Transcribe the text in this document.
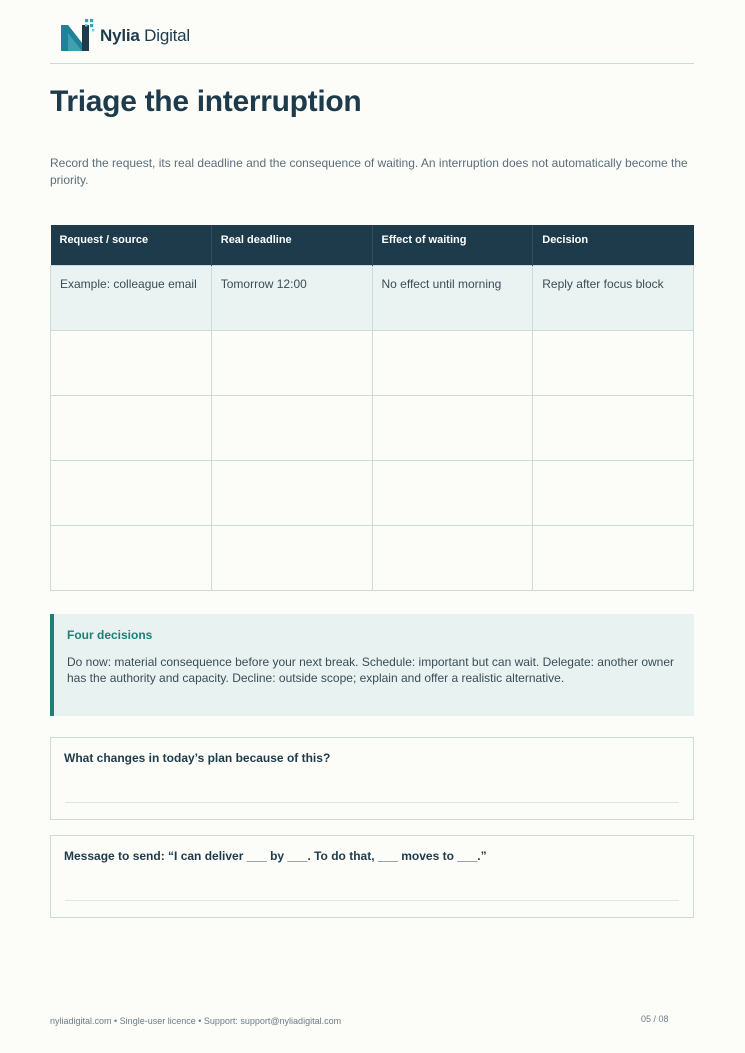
Nylia Digital
Triage the interruption

Record the request, its real deadline and the consequence of waiting. An interruption does not automatically become the priority.

Request / source	Real deadline	Effect of waiting	Decision
Example: colleague email	Tomorrow 12:00	No effect until morning	Reply after focus block

Four decisions
Do now: material consequence before your next break. Schedule: important but can wait. Delegate: another owner has the authority and capacity. Decline: outside scope; explain and offer a realistic alternative.
What changes in today’s plan because of this?
Message to send: “I can deliver ___ by ___. To do that, ___ moves to ___.”
nyliadigital.com • Single-user licence • Support: support@nyliadigital.com	05 / 08
